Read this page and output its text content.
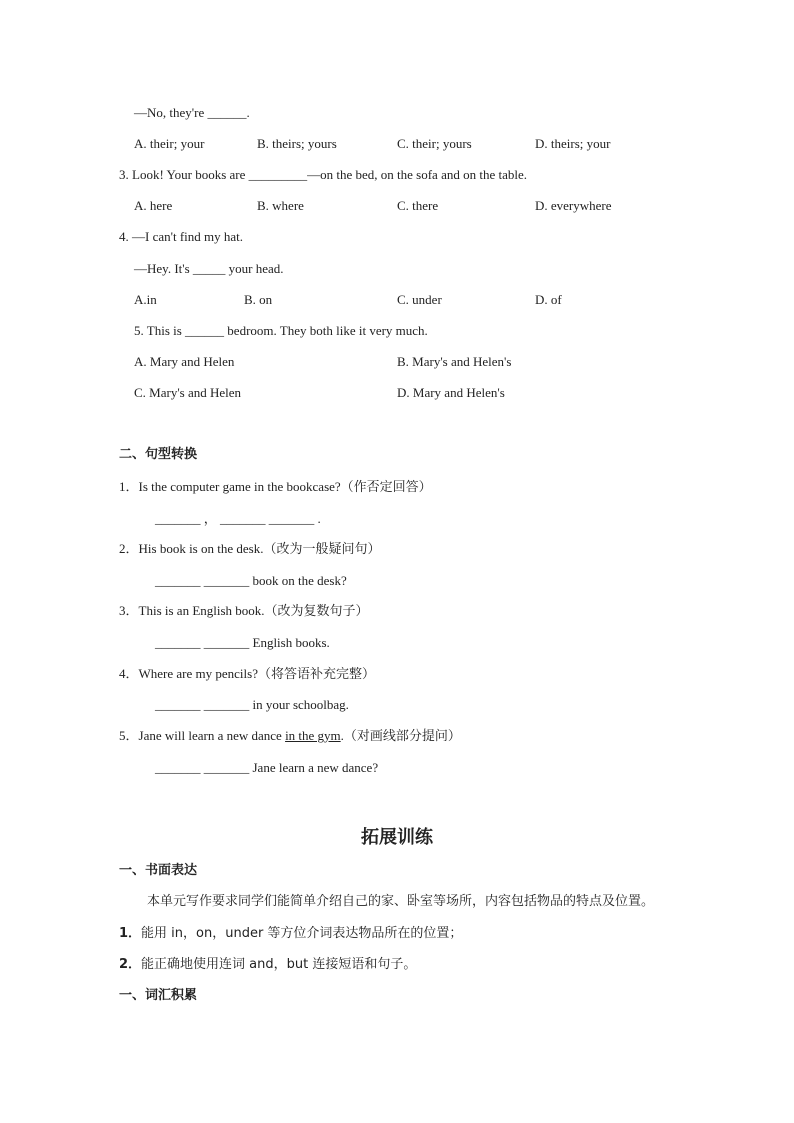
—No, they're ______.
A. their; your	B. theirs; yours	C. their; yours	D. theirs; your
3. Look! Your books are _________—on the bed, on the sofa and on the table.
A. here	B. where	C. there	D. everywhere
4. —I can't find my hat.
—Hey. It's _____ your head.
A.in	B. on	C. under	D. of
5. This is ______ bedroom. They both like it very much.
A. Mary and Helen	B. Mary's and Helen's
C. Mary's and Helen	D. Mary and Helen's
二、句型转换
1．Is the computer game in the bookcase?（作否定回答）
_______ ， _______ _______ .
2．His book is on the desk.（改为一般疑问句）
_______ _______ book on the desk?
3．This is an English book.（改为复数句子）
_______ _______ English books.
4．Where are my pencils?（将答语补充完整）
_______ _______ in your schoolbag.
5．Jane will learn a new dance in the gym.（对画线部分提问）
_______ _______ Jane learn a new dance?
拓展训练
一、书面表达
本单元写作要求同学们能简单介绍自己的家、卧室等场所，内容包括物品的特点及位置。
1．能用 in，on，under 等方位介词表达物品所在的位置；
2．能正确地使用连词 and，but 连接短语和句子。
一、词汇积累
